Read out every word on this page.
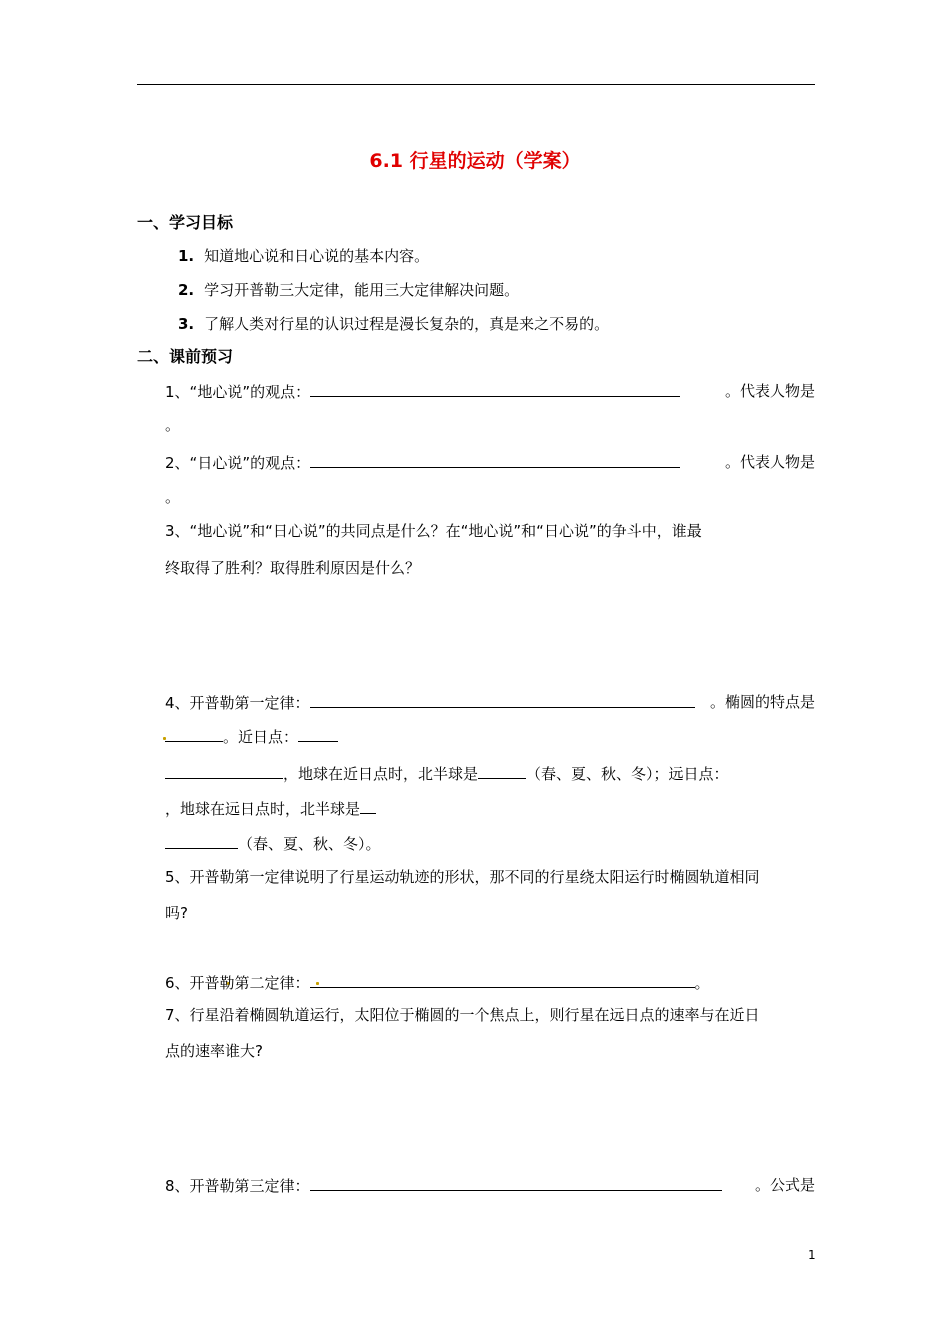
6.1 行星的运动（学案）
一、学习目标
1. 知道地心说和日心说的基本内容。
2. 学习开普勒三大定律，能用三大定律解决问题。
3. 了解人类对行星的认识过程是漫长复杂的，真是来之不易的。
二、课前预习
1、“地心说”的观点：	。代表人物是
。
2、“日心说”的观点：	。代表人物是
。
3、“地心说”和“日心说”的共同点是什么？在“地心说”和“日心说”的争斗中，谁最
终取得了胜利？取得胜利原因是什么？
4、开普勒第一定律：	。椭圆的特点是
。近日点：
，地球在近日点时，北半球是	（春、夏、秋、冬）；远日点：
，地球在远日点时，北半球是
（春、夏、秋、冬）。
5、开普勒第一定律说明了行星运动轨迹的形状，那不同的行星绕太阳运行时椭圆轨道相同
吗?
6、开普勒第二定律：	。
7、行星沿着椭圆轨道运行，太阳位于椭圆的一个焦点上，则行星在远日点的速率与在近日
点的速率谁大?
8、开普勒第三定律：	。公式是
1
